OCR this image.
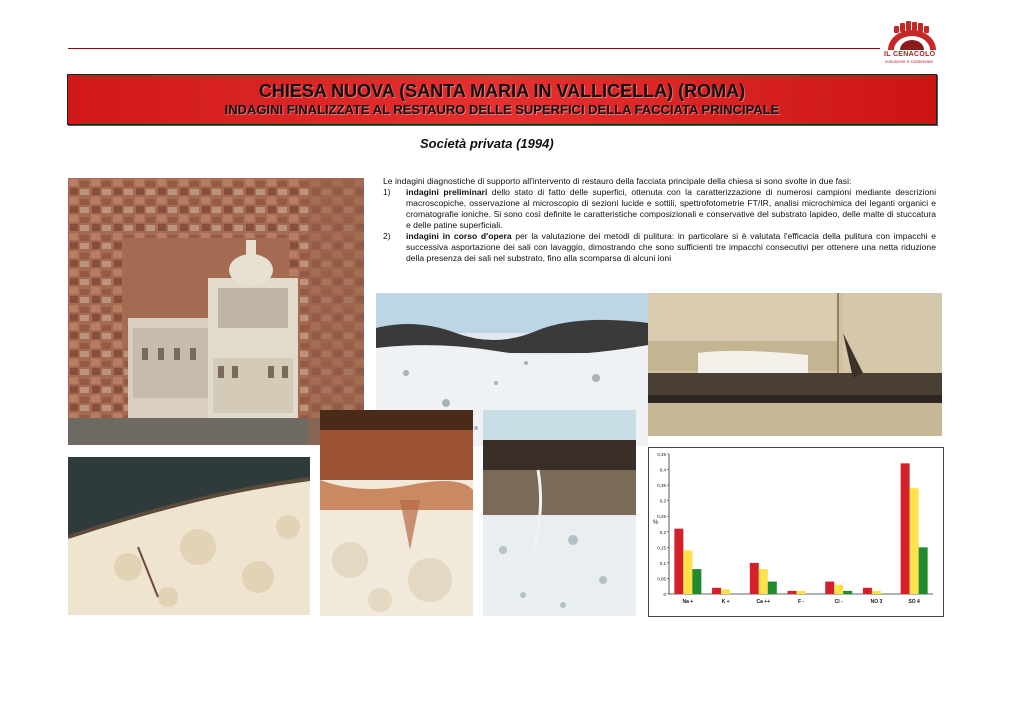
IL CENACOLO
conoscere e conservare
CHIESA NUOVA (SANTA MARIA IN VALLICELLA) (ROMA)
INDAGINI FINALIZZATE AL RESTAURO DELLE SUPERFICI DELLA FACCIATA PRINCIPALE
Società privata (1994)

Le indagini diagnostiche di supporto all'intervento di restauro della facciata principale della chiesa si sono svolte in due fasi:

1) indagini preliminari dello stato di fatto delle superfici, ottenuta con la caratterizzazione di numerosi campioni mediante descrizioni macroscopiche, osservazione al microscopio di sezioni lucide e sottili, spettrofotometrie FT/IR, analisi microchimica dei leganti organici e cromatografie ioniche. Si sono così definite le caratteristiche composizionali e conservative del substrato lapideo, delle malte di stuccatura e delle patine superficiali.
2) indagini in corso d'opera per la valutazione dei metodi di pulitura: in particolare si è valutata l'efficacia della pulitura con impacchi e successiva asportazione dei sali con lavaggio, dimostrando che sono sufficienti tre impacchi consecutivi per ottenere una netta riduzione della presenza dei sali nel substrato, fino alla scomparsa di alcuni ioni
0
0,05
0,1
0,15
0,2
0,25
0,3
0,35
0,4
0,45
%
Na +	K +	Ca ++	F -	Cl -	NO 3	SO 4
